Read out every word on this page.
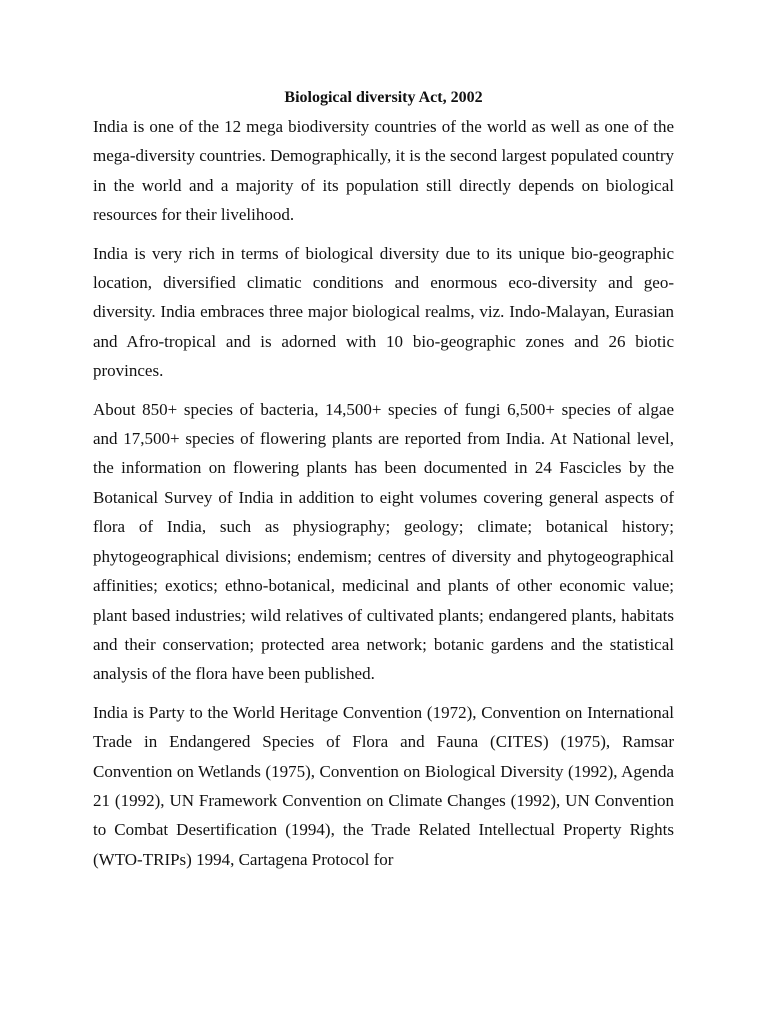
Biological diversity Act, 2002

India is one of the 12 mega biodiversity countries of the world as well as one of the mega-diversity countries. Demographically, it is the second largest populated country in the world and a majority of its population still directly depends on biological resources for their livelihood.

India is very rich in terms of biological diversity due to its unique bio-geographic location, diversified climatic conditions and enormous eco-diversity and geo-diversity. India embraces three major biological realms, viz. Indo-Malayan, Eurasian and Afro-tropical and is adorned with 10 bio-geographic zones and 26 biotic provinces.

About 850+ species of bacteria, 14,500+ species of fungi 6,500+ species of algae and 17,500+ species of flowering plants are reported from India. At National level, the information on flowering plants has been documented in 24 Fascicles by the Botanical Survey of India in addition to eight volumes covering general aspects of flora of India, such as physiography; geology; climate; botanical history; phytogeographical divisions; endemism; centres of diversity and phytogeographical affinities; exotics; ethno-botanical, medicinal and plants of other economic value; plant based industries; wild relatives of cultivated plants; endangered plants, habitats and their conservation; protected area network; botanic gardens and the statistical analysis of the flora have been published.

India is Party to the World Heritage Convention (1972), Convention on International Trade in Endangered Species of Flora and Fauna (CITES) (1975), Ramsar Convention on Wetlands (1975), Convention on Biological Diversity (1992), Agenda 21 (1992), UN Framework Convention on Climate Changes (1992), UN Convention to Combat Desertification (1994), the Trade Related Intellectual Property Rights (WTO-TRIPs) 1994, Cartagena Protocol for
